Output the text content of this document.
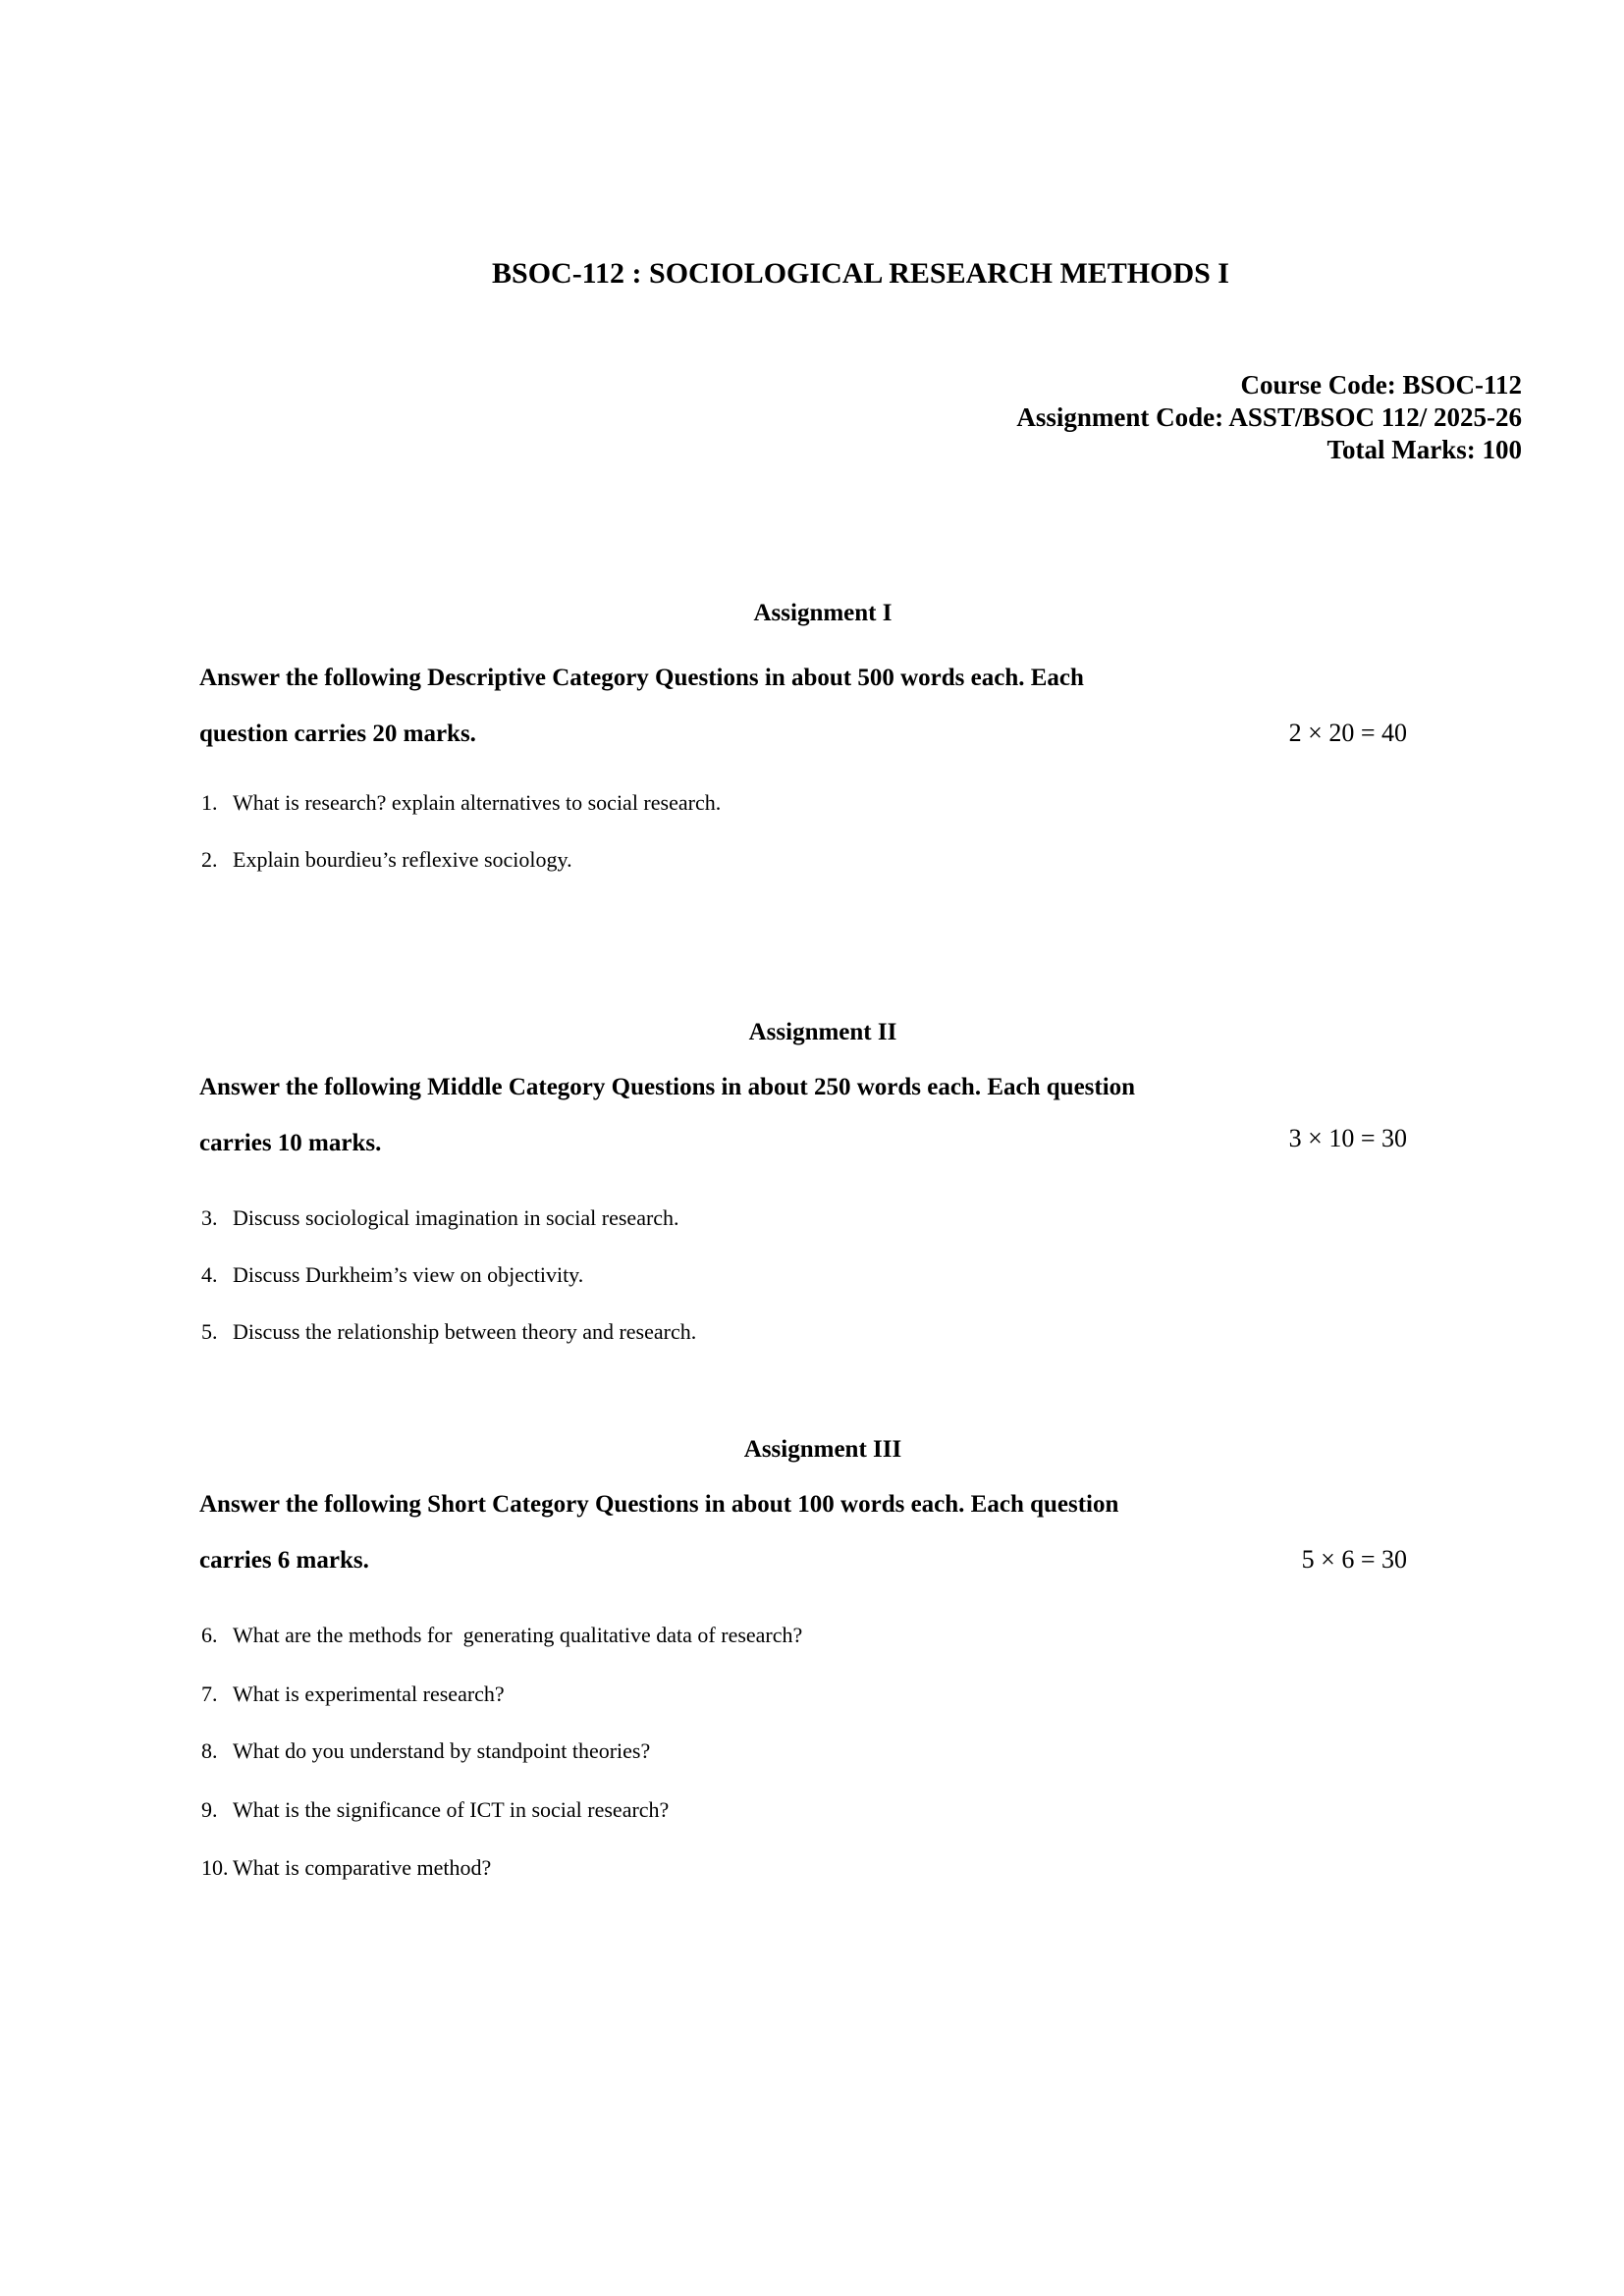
BSOC-112 : SOCIOLOGICAL RESEARCH METHODS I
Course Code: BSOC-112
Assignment Code: ASST/BSOC 112/ 2025-26
Total Marks: 100
Assignment I
Answer the following Descriptive Category Questions in about 500 words each. Each
question carries 20 marks.	2 × 20 = 40
1. What is research? explain alternatives to social research.
2. Explain bourdieu’s reflexive sociology.
Assignment II
Answer the following Middle Category Questions in about 250 words each. Each question
carries 10 marks.	3 × 10 = 30
3. Discuss sociological imagination in social research.
4. Discuss Durkheim’s view on objectivity.
5. Discuss the relationship between theory and research.
Assignment III
Answer the following Short Category Questions in about 100 words each. Each question
carries 6 marks.	5 × 6 = 30
6. What are the methods for  generating qualitative data of research?
7. What is experimental research?
8. What do you understand by standpoint theories?
9. What is the significance of ICT in social research?
10. What is comparative method?
